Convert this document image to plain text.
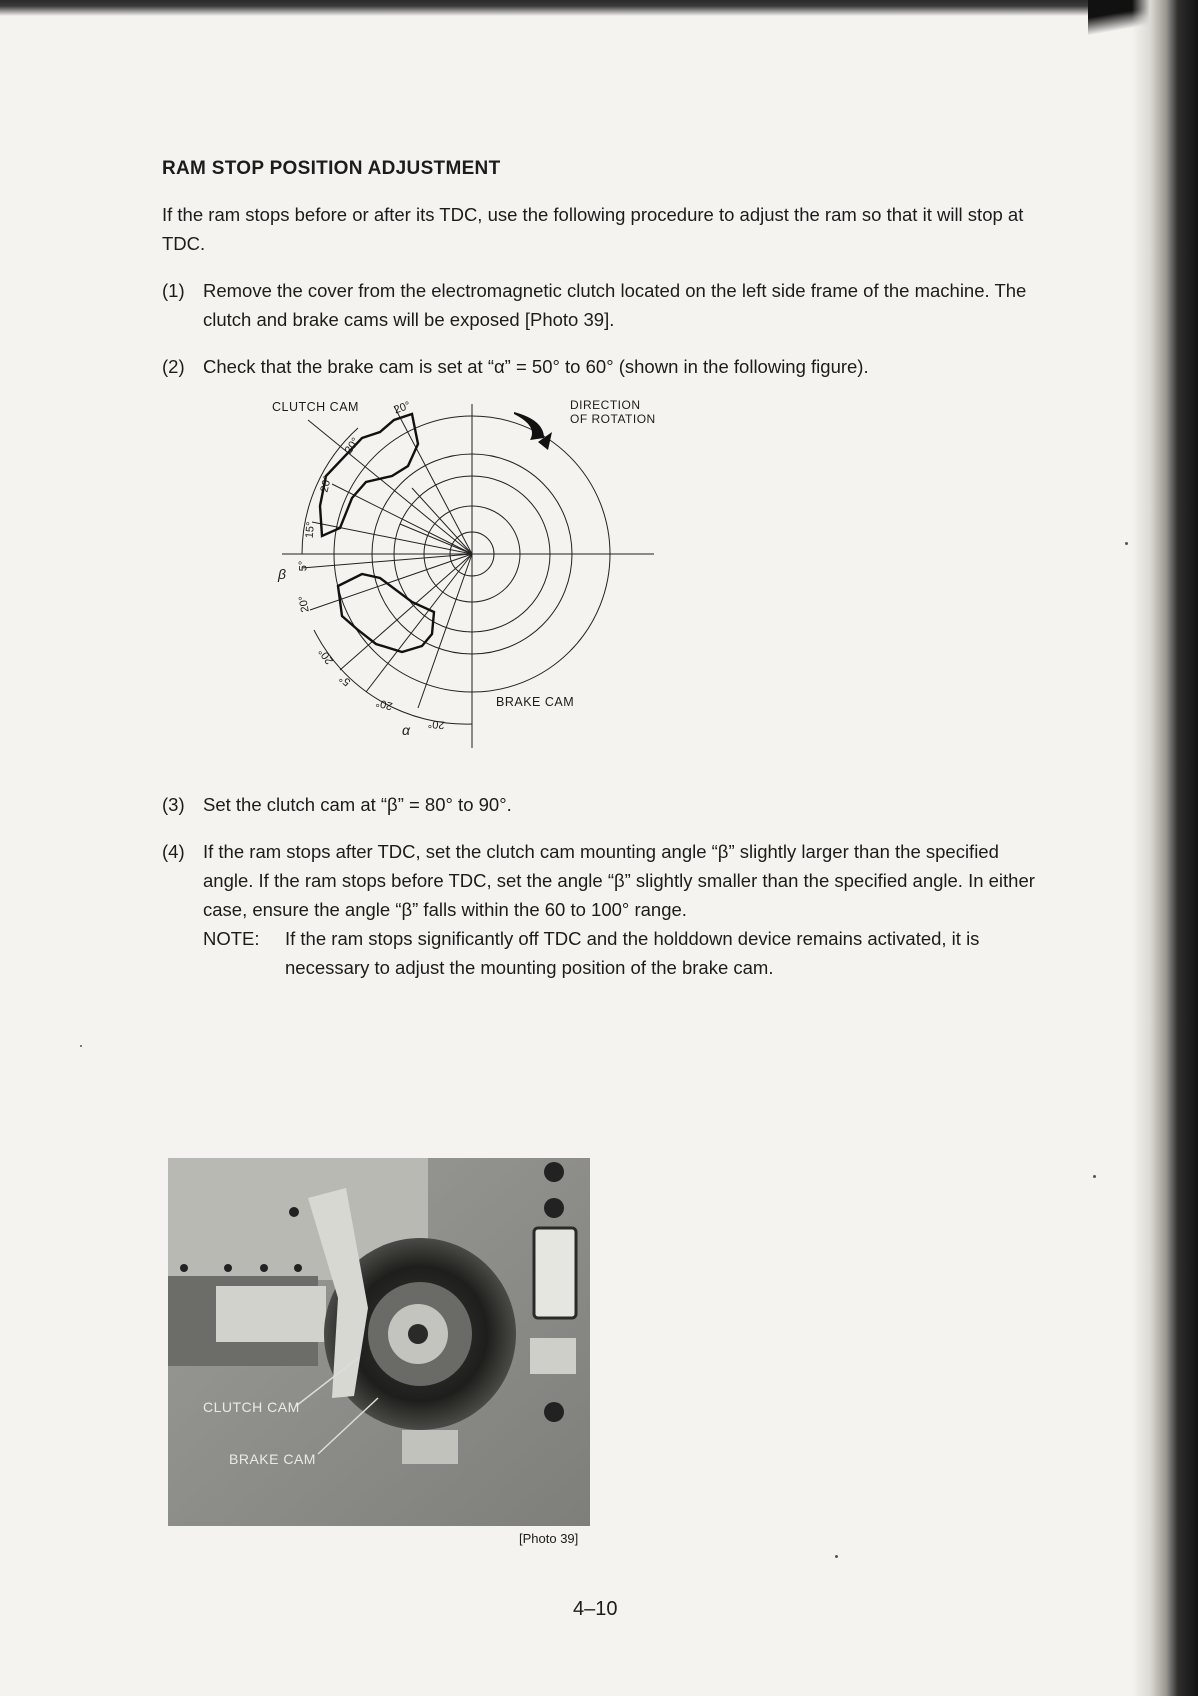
RAM STOP POSITION ADJUSTMENT

If the ram stops before or after its TDC, use the following procedure to adjust the ram so that it will stop at TDC.

(1) Remove the cover from the electromagnetic clutch located on the left side frame of the machine. The clutch and brake cams will be exposed [Photo 39].
(2) Check that the brake cam is set at “α” = 50° to 60° (shown in the following figure).
CLUTCH CAM	DIRECTION
OF ROTATION
BRAKE CAM
β
α
20°
20°
20°
15°
5°
20°
20°
5°
20°
20°
(3) Set the clutch cam at “β” = 80° to 90°.
(4) If the ram stops after TDC, set the clutch cam mounting angle “β” slightly larger than the specified angle. If the ram stops before TDC, set the angle “β” slightly smaller than the specified angle. In either case, ensure the angle “β” falls within the 60 to 100° range.
NOTE: If the ram stops significantly off TDC and the holddown device remains activated, it is necessary to adjust the mounting position of the brake cam.
CLUTCH CAM
BRAKE CAM
[Photo 39]
4–10
